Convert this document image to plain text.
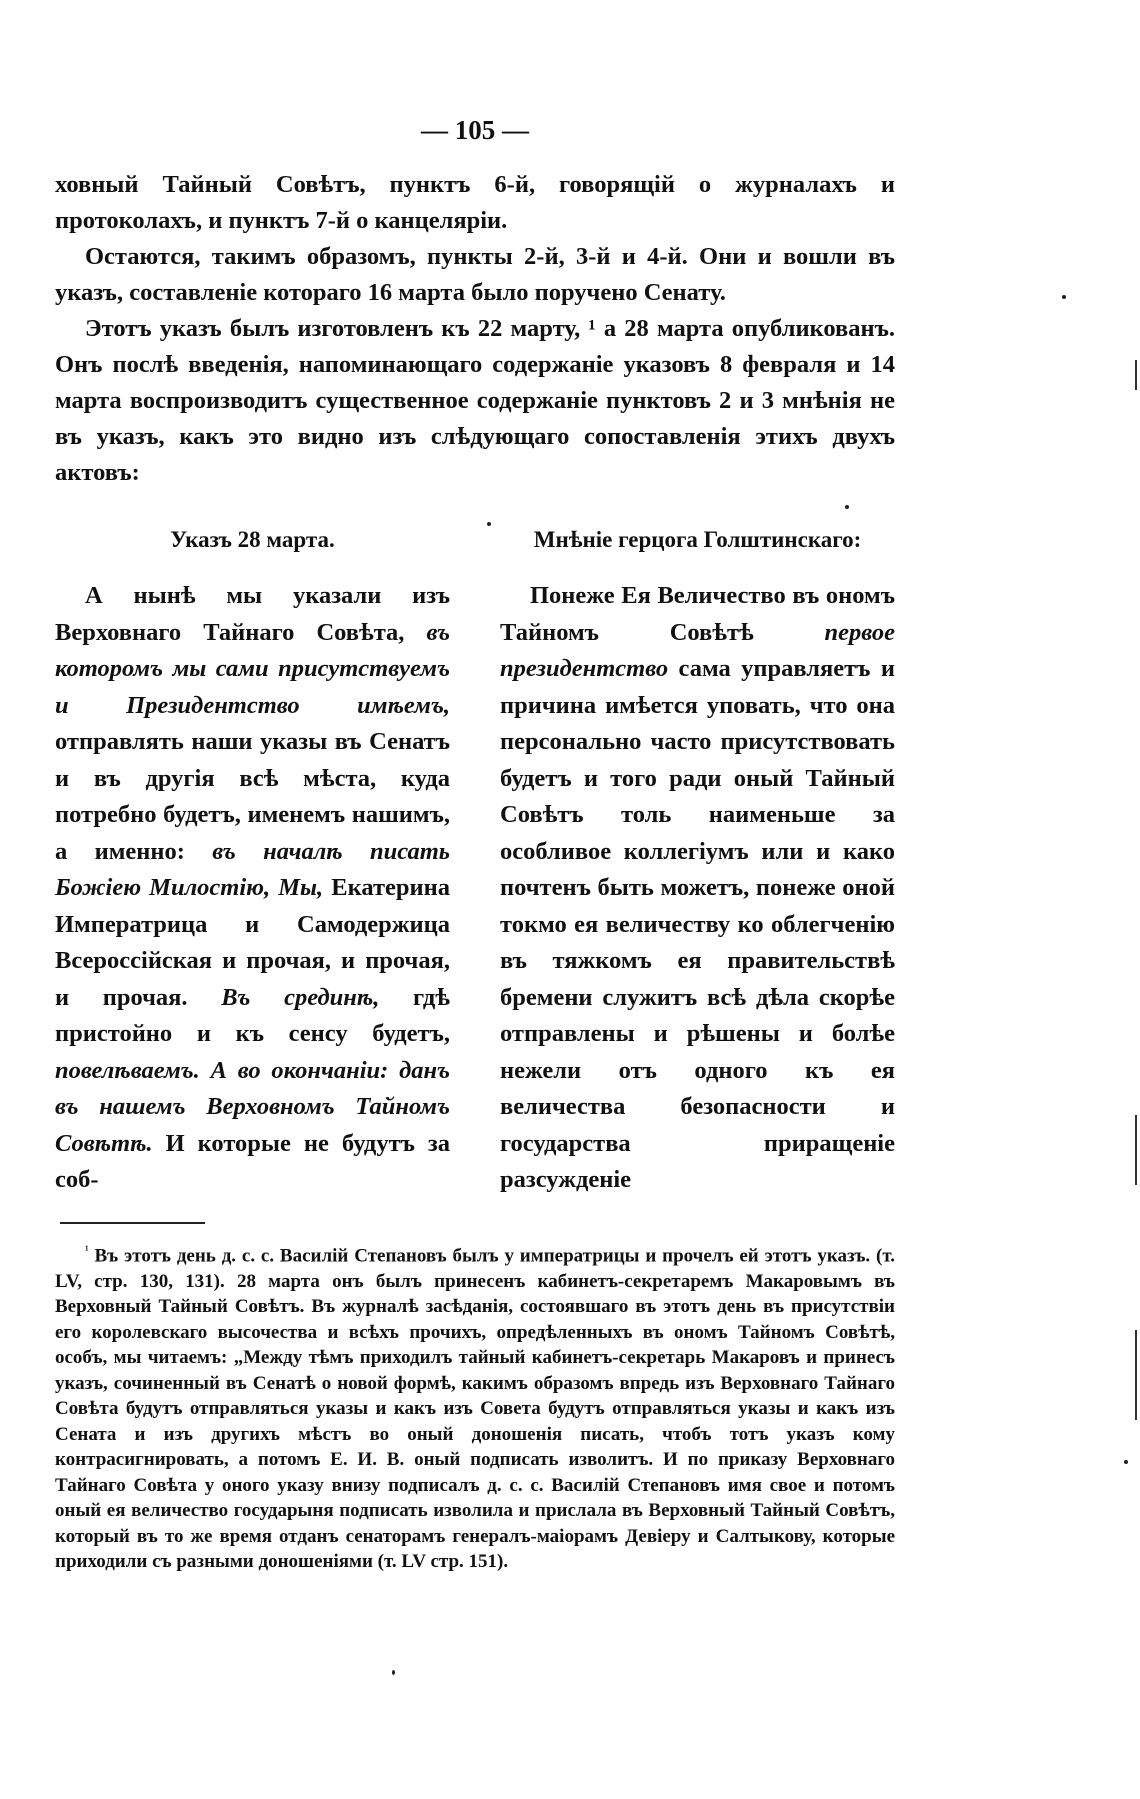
— 105 —

ховный Тайный Совѣтъ, пунктъ 6-й, говорящій о журналахъ и протоколахъ, и пунктъ 7-й о канцеляріи.

Остаются, такимъ образомъ, пункты 2-й, 3-й и 4-й. Они и вошли въ указъ, составленіе котораго 16 марта было поручено Сенату.

Этотъ указъ былъ изготовленъ къ 22 марту, ¹ а 28 марта опубликованъ. Онъ послѣ введенія, напоминающаго содержаніе указовъ 8 февраля и 14 марта воспроизводитъ существенное содержаніе пунктовъ 2 и 3 мнѣнія не въ указъ, какъ это видно изъ слѣдующаго сопоставленія этихъ двухъ актовъ:

Указъ 28 марта.

А нынѣ мы указали изъ Верховнаго Тайнаго Совѣта, въ которомъ мы сами присутствуемъ и Президентство имѣемъ, отправлять наши указы въ Сенатъ и въ другія всѣ мѣста, куда потребно будетъ, именемъ нашимъ, а именно: въ началѣ писать Божіею Милостію, Мы, Екатерина Императрица и Самодержица Всероссійская и прочая, и прочая, и прочая. Въ срединѣ, гдѣ пристойно и къ сенсу будетъ, повелѣваемъ. А во окончаніи: данъ въ нашемъ Верховномъ Тайномъ Совѣтѣ. И которые не будутъ за соб-

Мнѣніе герцога Голштинскаго:

Понеже Ея Величество въ ономъ Тайномъ Совѣтѣ первое президентство сама управляетъ и причина имѣется уповать, что она персонально часто присутствовать будетъ и того ради оный Тайный Совѣтъ толь наименьше за особливое коллегіумъ или и како почтенъ быть можетъ, понеже оной токмо ея величеству ко облегченію въ тяжкомъ ея правительствѣ бремени служитъ всѣ дѣла скорѣе отправлены и рѣшены и болѣе нежели отъ одного къ ея величества безопасности и государства приращеніе разсужденіе

$^{^1}$ Въ этотъ день д. с. с. Василій Степановъ былъ у императрицы и прочелъ ей этотъ указъ. (т. LV, стр. 130, 131). 28 марта онъ былъ принесенъ кабинетъ-секретаремъ Макаровымъ въ Верховный Тайный Совѣтъ. Въ журналѣ засѣданія, состоявшаго въ этотъ день въ присутствіи его королевскаго высочества и всѣхъ прочихъ, опредѣленныхъ въ ономъ Тайномъ Совѣтѣ, особъ, мы читаемъ: „Между тѣмъ приходилъ тайный кабинетъ-секретарь Макаровъ и принесъ указъ, сочиненный въ Сенатѣ о новой формѣ, какимъ образомъ впредь изъ Верховнаго Тайнаго Совѣта будутъ отправляться указы и какъ изъ Совета будутъ отправляться указы и какъ изъ Сената и изъ другихъ мѣстъ во оный доношенія писать, чтобъ тотъ указъ кому контрасигнировать, а потомъ Е. И. В. оный подписать изволитъ. И по приказу Верховнаго Тайнаго Совѣта у оного указу внизу подписалъ д. с. с. Василій Степановъ имя свое и потомъ оный ея величество государыня подписать изволила и прислала въ Верховный Тайный Совѣтъ, который въ то же время отданъ сенаторамъ генералъ-маіорамъ Девіеру и Салтыкову, которые приходили съ разными доношеніями (т. LV стр. 151).
